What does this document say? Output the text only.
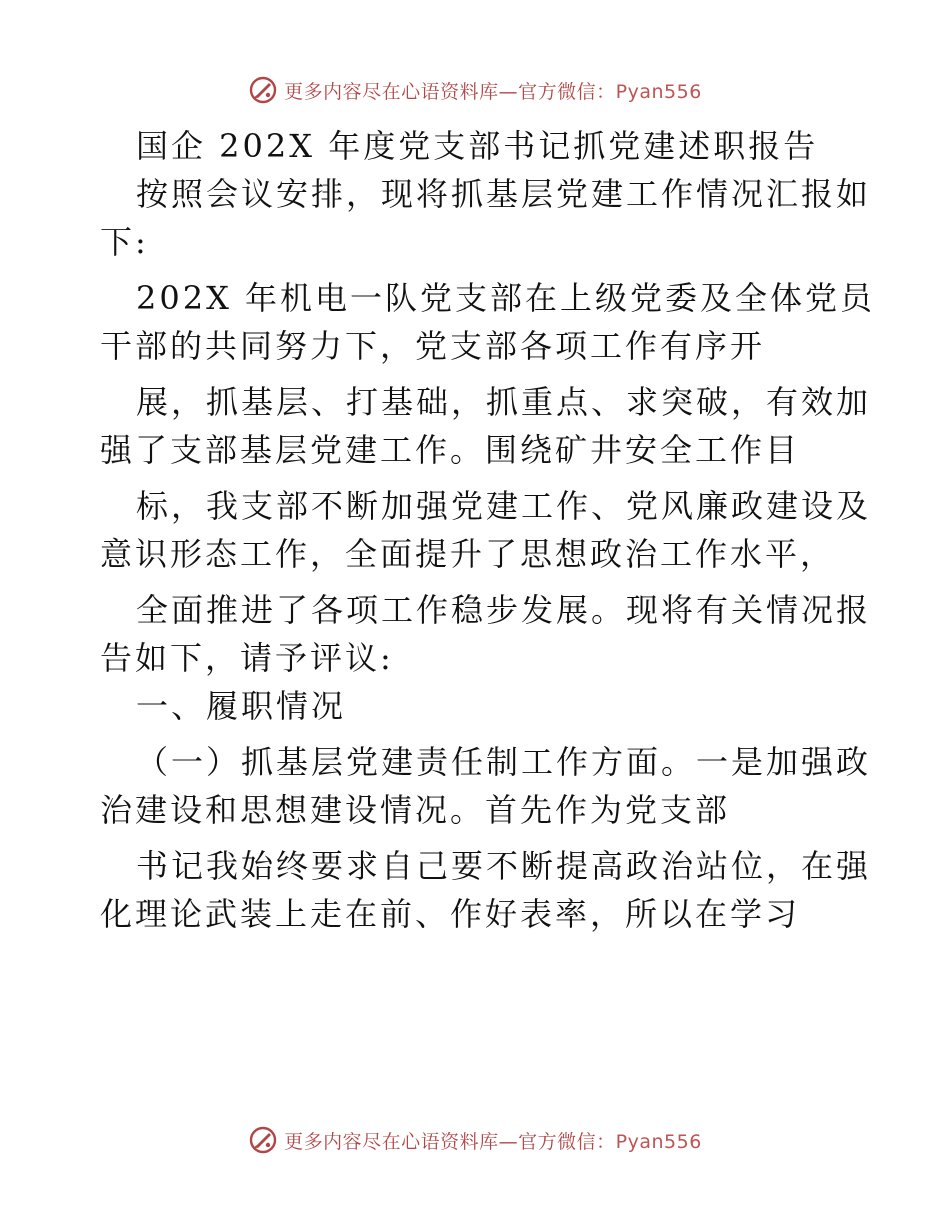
更多内容尽在心语资料库—官方微信：Pyan556
国企 202X 年度党支部书记抓党建述职报告
按照会议安排，现将抓基层党建工作情况汇报如
下:
202X 年机电一队党支部在上级党委及全体党员
干部的共同努力下，党支部各项工作有序开
展，抓基层、打基础，抓重点、求突破，有效加
强了支部基层党建工作。围绕矿井安全工作目
标，我支部不断加强党建工作、党风廉政建设及
意识形态工作，全面提升了思想政治工作水平，
全面推进了各项工作稳步发展。现将有关情况报
告如下，请予评议:
一、履职情况
（一）抓基层党建责任制工作方面。一是加强政
治建设和思想建设情况。首先作为党支部
书记我始终要求自己要不断提高政治站位，在强
化理论武装上走在前、作好表率，所以在学习
更多内容尽在心语资料库—官方微信：Pyan556
